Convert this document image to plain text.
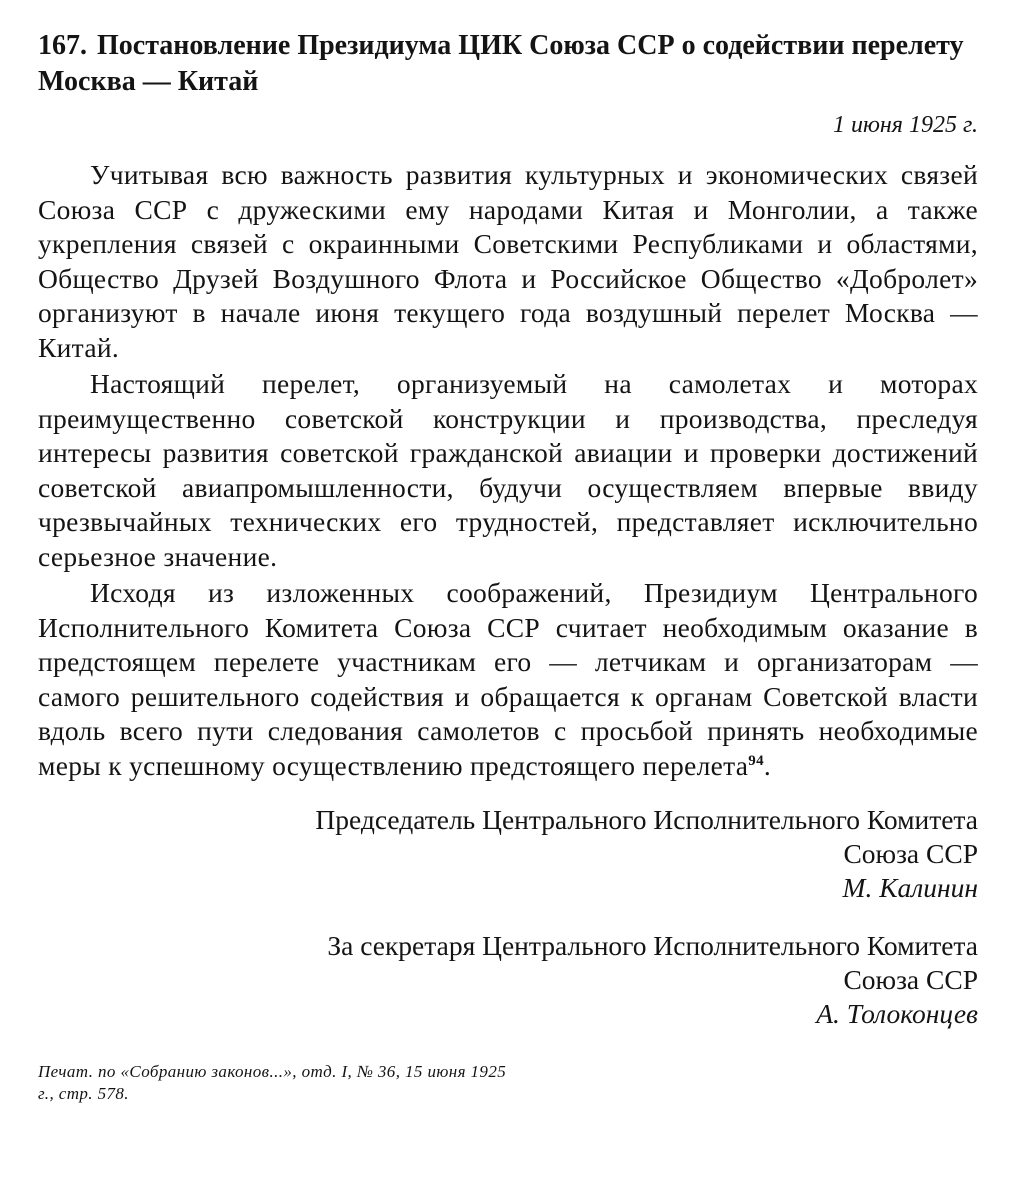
167. Постановление Президиума ЦИК Союза ССР о содействии перелету Москва — Китай
1 июня 1925 г.

Учитывая всю важность развития культурных и экономических связей Союза ССР с дружескими ему народами Китая и Монголии, а также укрепления связей с окраинными Советскими Республиками и областями, Общество Друзей Воздушного Флота и Российское Общество «Добролет» организуют в начале июня текущего года воздушный перелет Москва — Китай.

Настоящий перелет, организуемый на самолетах и моторах преимущественно советской конструкции и производства, преследуя интересы развития советской гражданской авиации и проверки достижений советской авиапромышленности, будучи осуществляем впервые ввиду чрезвычайных технических его трудностей, представляет исключительно серьезное значение.

Исходя из изложенных соображений, Президиум Центрального Исполнительного Комитета Союза ССР считает необходимым оказание в предстоящем перелете участникам его — летчикам и организаторам — самого решительного содействия и обращается к органам Советской власти вдоль всего пути следования самолетов с просьбой принять необходимые меры к успешному осуществлению предстоящего перелета$^{94}$.

Председатель Центрального Исполнительного Комитета
Союза ССР
М. Калинин
За секретаря Центрального Исполнительного Комитета
Союза ССР
А. Толоконцев
Печат. по «Собранию законов...», отд. I, № 36, 15 июня 1925 г., стр. 578.
